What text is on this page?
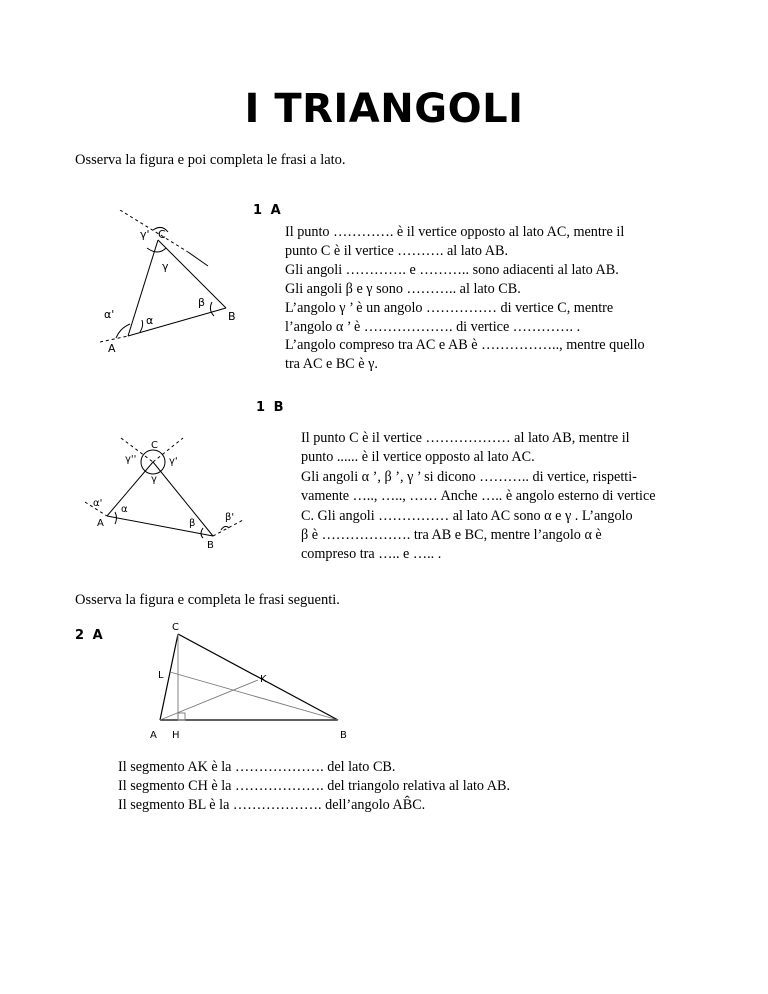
I TRIANGOLI
Osserva la figura e poi completa le frasi a lato.
1 A
C
γ'
γ
β
B
α'	α
A

Il punto …………. è il vertice opposto al lato AC, mentre il

punto C è il vertice ………. al lato AB.

Gli angoli …………. e ……….. sono adiacenti al lato AB.

Gli angoli β e γ sono ……….. al lato CB.

L’angolo γ ’ è un angolo …………… di vertice C, mentre

l’angolo α ’ è ………………. di vertice …………. .

L’angolo compreso tra AC e AB è …………….., mentre quello

tra AC e BC è γ.

1 B
C
γ''	γ'
γ
α'
α
A	β
β'
B

Il punto C è il vertice ……………… al lato AB, mentre il

punto ...... è il vertice opposto al lato AC.

Gli angoli α ’, β ’, γ ’ si dicono ……….. di vertice, rispetti-

vamente ….., ….., …… Anche ….. è angolo esterno di vertice

C. Gli angoli …………… al lato AC sono α e γ . L’angolo

β è ………………. tra AB e BC, mentre l’angolo α è

compreso tra ….. e ….. .

Osserva la figura e completa le frasi seguenti.
2 A
C
L	K
A H	B

Il segmento AK è la ………………. del lato CB.

Il segmento CH è la ………………. del triangolo relativa al lato AB.

Il segmento BL è la ………………. dell’angolo AB̂C.
